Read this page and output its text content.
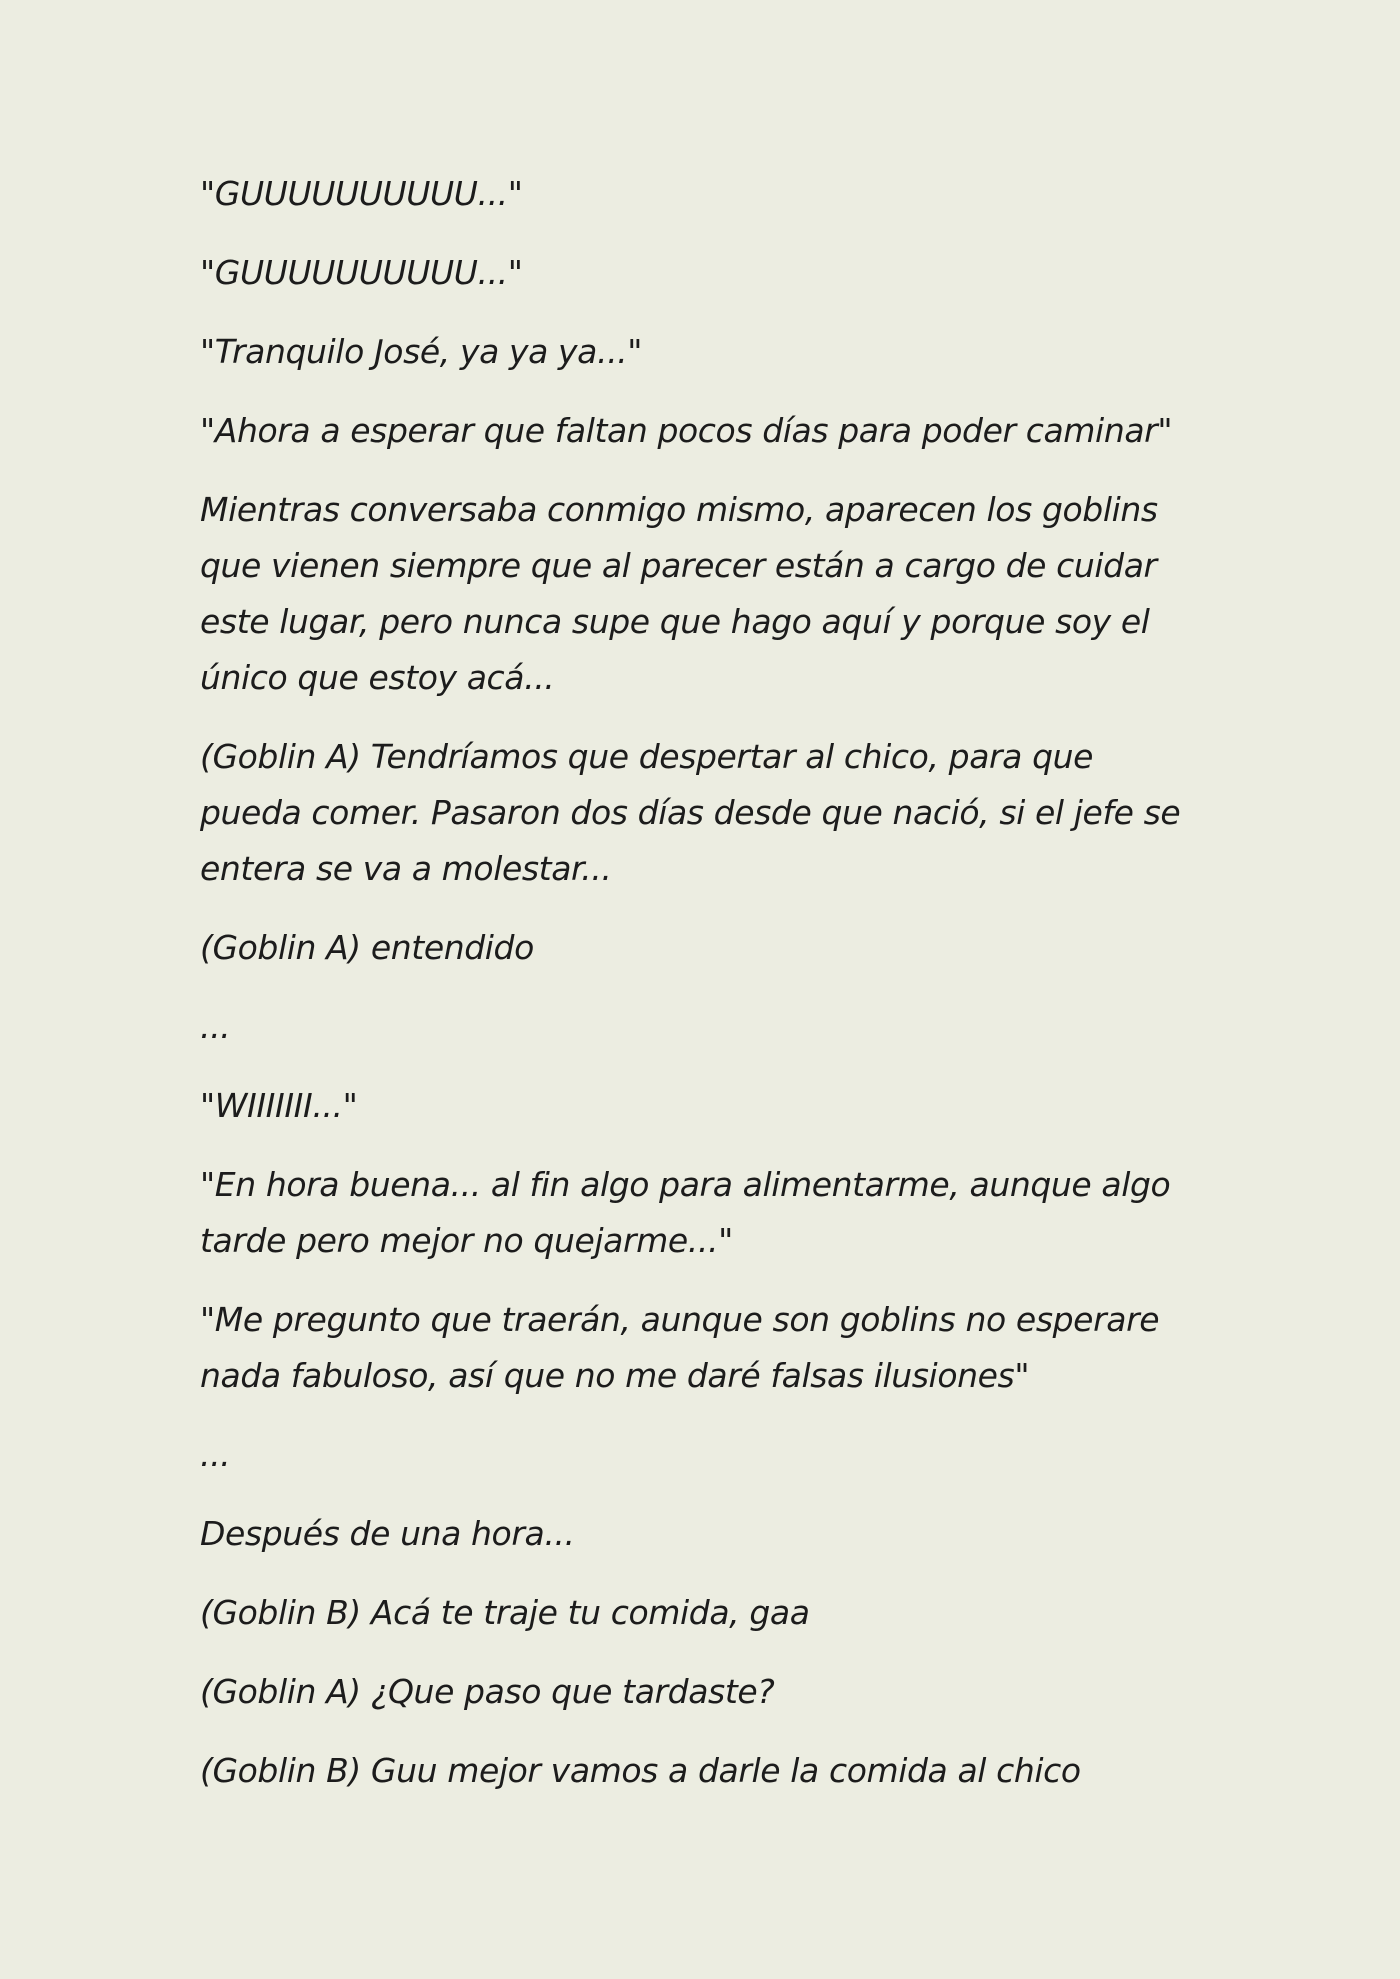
"GUUUUUUUUUU..."

"GUUUUUUUUUU..."

"Tranquilo José, ya ya ya..."

"Ahora a esperar que faltan pocos días para poder caminar"

Mientras conversaba conmigo mismo, aparecen los goblins
que vienen siempre que al parecer están a cargo de cuidar
este lugar, pero nunca supe que hago aquí y porque soy el
único que estoy acá...

(Goblin A) Tendríamos que despertar al chico, para que
pueda comer. Pasaron dos días desde que nació, si el jefe se
entera se va a molestar...

(Goblin A) entendido

...

"WIIIIIII..."

"En hora buena... al fin algo para alimentarme, aunque algo
tarde pero mejor no quejarme..."

"Me pregunto que traerán, aunque son goblins no esperare
nada fabuloso, así que no me daré falsas ilusiones"

...

Después de una hora...

(Goblin B) Acá te traje tu comida, gaa

(Goblin A) ¿Que paso que tardaste?

(Goblin B) Guu mejor vamos a darle la comida al chico
